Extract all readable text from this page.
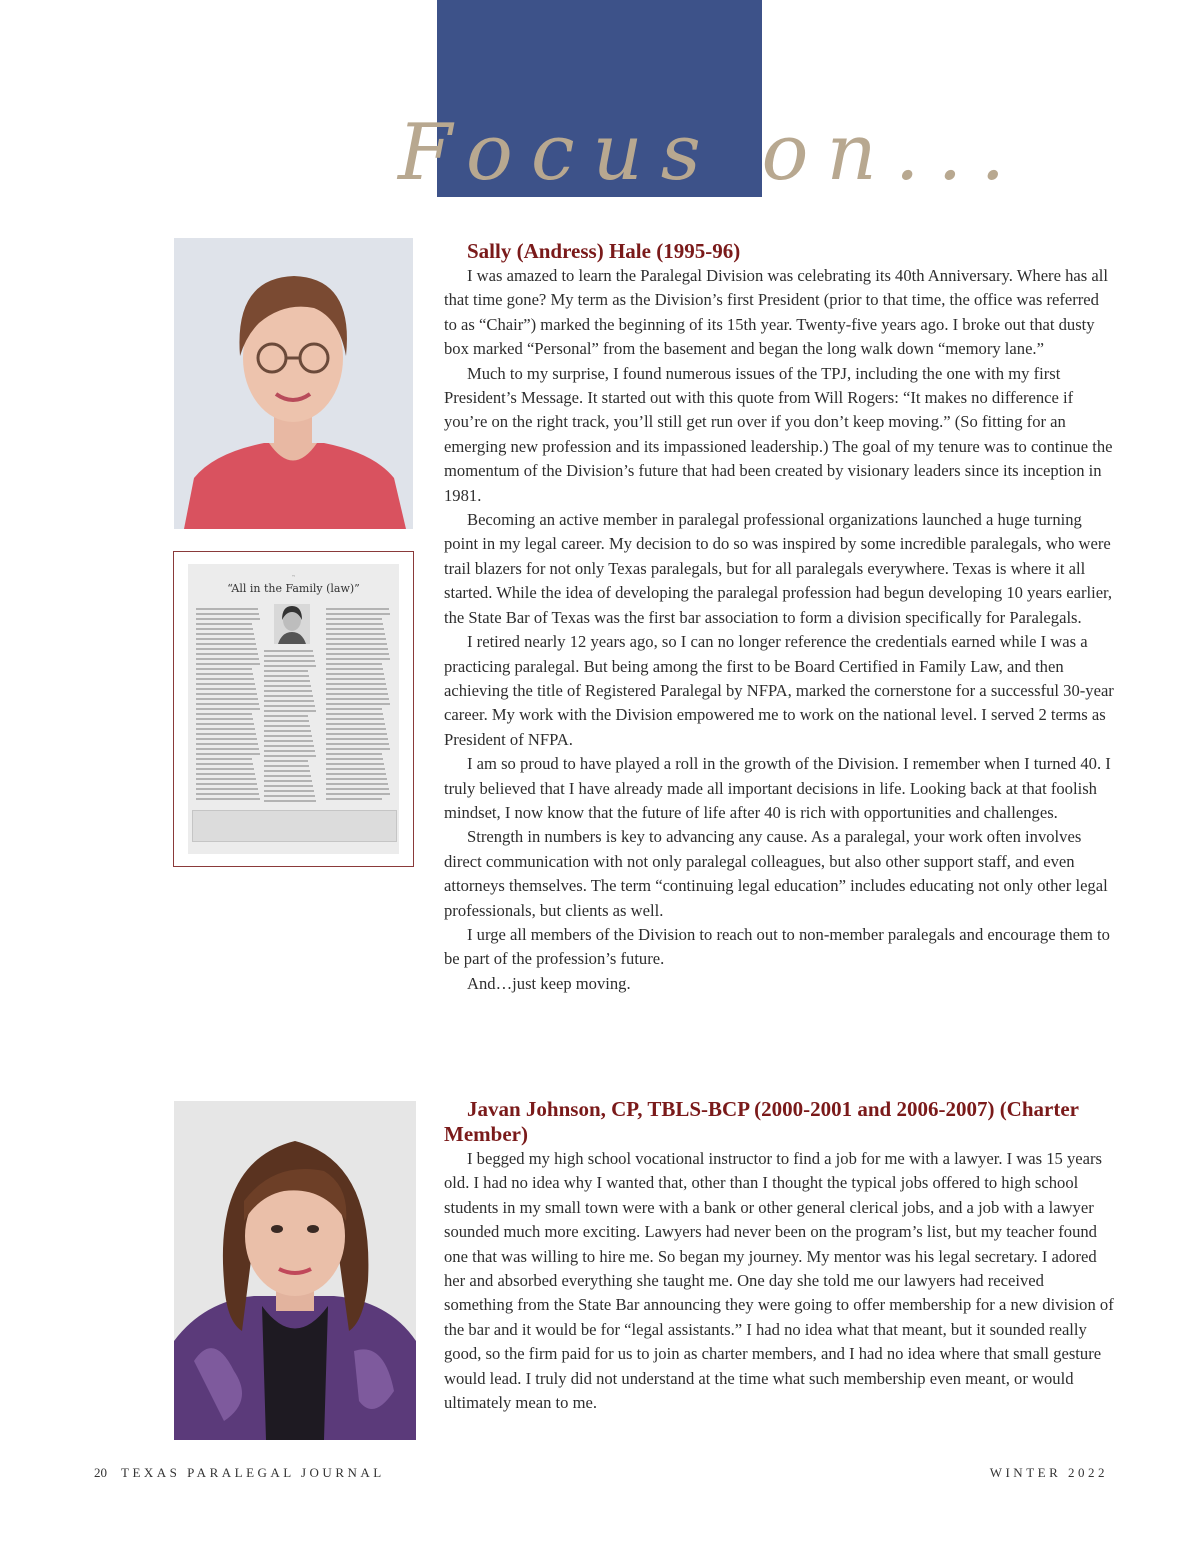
Focus on...
~
“All in the Family (law)”
Sally (Andress) Hale (1995-96)

I was amazed to learn the Paralegal Division was celebrating its 40th Anniversary. Where has all that time gone? My term as the Division’s first President (prior to that time, the office was referred to as “Chair”) marked the beginning of its 15th year. Twenty-five years ago. I broke out that dusty box marked “Personal” from the basement and began the long walk down “memory lane.”

Much to my surprise, I found numerous issues of the TPJ, including the one with my first President’s Message. It started out with this quote from Will Rogers: “It makes no difference if you’re on the right track, you’ll still get run over if you don’t keep moving.” (So fitting for an emerging new profession and its impassioned leadership.) The goal of my tenure was to continue the momentum of the Division’s future that had been created by visionary leaders since its inception in 1981.

Becoming an active member in paralegal professional organizations launched a huge turning point in my legal career. My decision to do so was inspired by some incredible paralegals, who were trail blazers for not only Texas paralegals, but for all paralegals everywhere. Texas is where it all started. While the idea of developing the paralegal profession had begun developing 10 years earlier, the State Bar of Texas was the first bar association to form a division specifically for Paralegals.

I retired nearly 12 years ago, so I can no longer reference the credentials earned while I was a practicing paralegal. But being among the first to be Board Certified in Family Law, and then achieving the title of Registered Paralegal by NFPA, marked the cornerstone for a successful 30-year career. My work with the Division empowered me to work on the national level. I served 2 terms as President of NFPA.

I am so proud to have played a roll in the growth of the Division. I remember when I turned 40. I truly believed that I have already made all important decisions in life. Looking back at that foolish mindset, I now know that the future of life after 40 is rich with opportunities and challenges.

Strength in numbers is key to advancing any cause. As a paralegal, your work often involves direct communication with not only paralegal colleagues, but also other support staff, and even attorneys themselves. The term “continuing legal education” includes educating not only other legal professionals, but clients as well.

I urge all members of the Division to reach out to non-member paralegals and encourage them to be part of the profession’s future.

And…just keep moving.

Javan Johnson, CP, TBLS-BCP (2000-2001 and 2006-2007) (Charter Member)

I begged my high school vocational instructor to find a job for me with a lawyer. I was 15 years old. I had no idea why I wanted that, other than I thought the typical jobs offered to high school students in my small town were with a bank or other general clerical jobs, and a job with a lawyer sounded much more exciting. Lawyers had never been on the program’s list, but my teacher found one that was willing to hire me. So began my journey. My mentor was his legal secretary. I adored her and absorbed everything she taught me. One day she told me our lawyers had received something from the State Bar announcing they were going to offer membership for a new division of the bar and it would be for “legal assistants.” I had no idea what that meant, but it sounded really good, so the firm paid for us to join as charter members, and I had no idea where that small gesture would lead. I truly did not understand at the time what such membership even meant, or would ultimately mean to me.

20 TEXAS PARALEGAL JOURNAL	WINTER 2022
